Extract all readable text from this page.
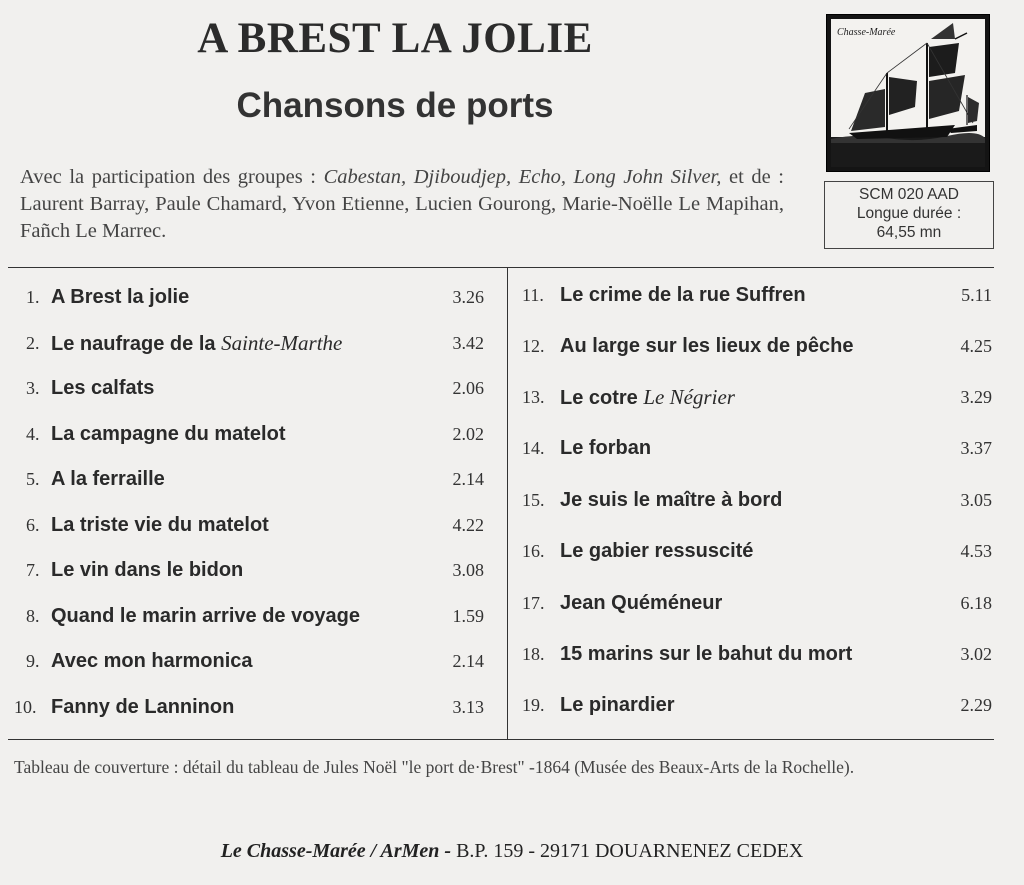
A BREST LA JOLIE
Chansons de ports

Avec la participation des groupes : Cabestan, Djiboudjep, Echo, Long John Silver, et de : Laurent Barray, Paule Chamard, Yvon Etienne, Lucien Gourong, Marie-Noëlle Le Mapihan, Fañch Le Marrec.

Chasse-Marée
SCM 020 AAD
Longue durée :
64,55 mn
1. A Brest la jolie	3.26
2. Le naufrage de la Sainte-Marthe	3.42
3. Les calfats	2.06
4. La campagne du matelot	2.02
5. A la ferraille	2.14
6. La triste vie du matelot	4.22
7. Le vin dans le bidon	3.08
8. Quand le marin arrive de voyage	1.59
9. Avec mon harmonica	2.14
10. Fanny de Lanninon	3.13
11. Le crime de la rue Suffren	5.11
12. Au large sur les lieux de pêche	4.25
13. Le cotre Le Négrier	3.29
14. Le forban	3.37
15. Je suis le maître à bord	3.05
16. Le gabier ressuscité	4.53
17. Jean Quéméneur	6.18
18. 15 marins sur le bahut du mort	3.02
19. Le pinardier	2.29

Tableau de couverture : détail du tableau de Jules Noël "le port de·Brest" -1864 (Musée des Beaux-Arts de la Rochelle).

Le Chasse-Marée / ArMen - B.P. 159 - 29171 DOUARNENEZ CEDEX
